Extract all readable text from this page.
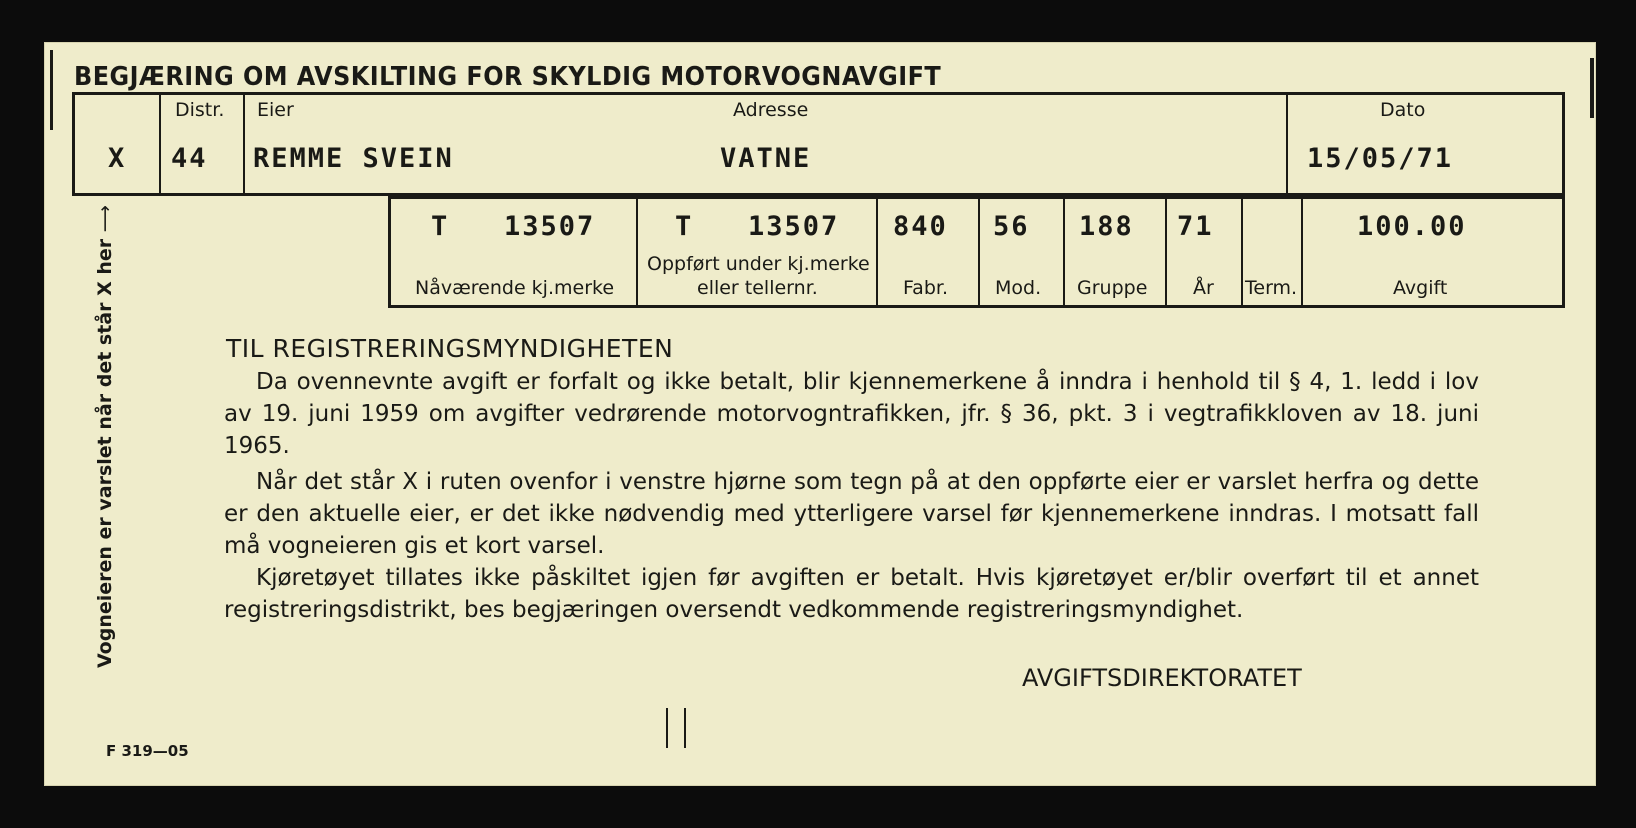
BEGJÆRING OM AVSKILTING FOR SKYLDIG MOTORVOGNAVGIFT
X
Distr.
44
Eier
REMME SVEIN
Adresse
VATNE
Dato
15/05/71
T   13507
Nåværende kj.merke
T   13507
Oppført under kj.merke
eller tellernr.
840
Fabr.
56
Mod.
188
Gruppe
71
År Term.
100.00
Avgift
Vogneieren er varslet når det står X her ⟶
TIL REGISTRERINGSMYNDIGHETEN
Da ovennevnte avgift er forfalt og ikke betalt, blir kjennemerkene å inndra i henhold til § 4, 1. ledd i lov av 19. juni 1959 om avgifter vedrørende motorvogntrafikken, jfr. § 36, pkt. 3 i vegtrafikkloven av 18. juni 1965.
Når det står X i ruten ovenfor i venstre hjørne som tegn på at den oppførte eier er varslet herfra og dette er den aktuelle eier, er det ikke nødvendig med ytterligere varsel før kjennemerkene inndras. I motsatt fall må vogneieren gis et kort varsel.
Kjøretøyet tillates ikke påskiltet igjen før avgiften er betalt. Hvis kjøretøyet er/blir overført til et annet registreringsdistrikt, bes begjæringen oversendt vedkommende registreringsmyndighet.
AVGIFTSDIREKTORATET
F 319—05
